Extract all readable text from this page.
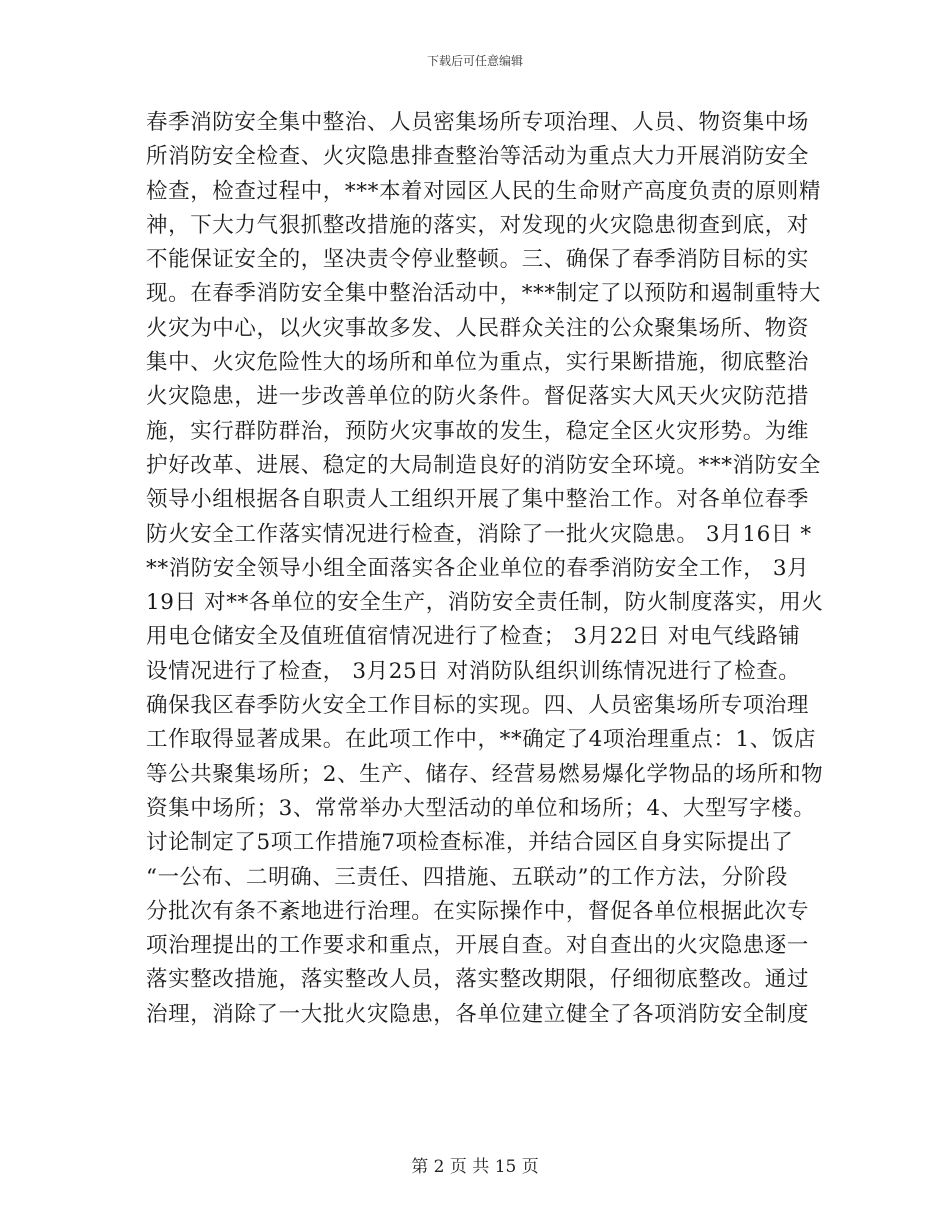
下载后可任意编辑
春季消防安全集中整治、人员密集场所专项治理、人员、物资集中场
所消防安全检查、火灾隐患排查整治等活动为重点大力开展消防安全
检查，检查过程中，***本着对园区人民的生命财产高度负责的原则精
神，下大力气狠抓整改措施的落实，对发现的火灾隐患彻查到底，对
不能保证安全的，坚决责令停业整顿。三、确保了春季消防目标的实
现。在春季消防安全集中整治活动中，***制定了以预防和遏制重特大
火灾为中心，以火灾事故多发、人民群众关注的公众聚集场所、物资
集中、火灾危险性大的场所和单位为重点，实行果断措施，彻底整治
火灾隐患，进一步改善单位的防火条件。督促落实大风天火灾防范措
施，实行群防群治，预防火灾事故的发生，稳定全区火灾形势。为维
护好改革、进展、稳定的大局制造良好的消防安全环境。***消防安全
领导小组根据各自职责人工组织开展了集中整治工作。对各单位春季
防火安全工作落实情况进行检查，消除了一批火灾隐患。 3月16日 *
**消防安全领导小组全面落实各企业单位的春季消防安全工作， 3月
19日 对**各单位的安全生产，消防安全责任制，防火制度落实，用火
用电仓储安全及值班值宿情况进行了检查； 3月22日 对电气线路铺
设情况进行了检查， 3月25日 对消防队组织训练情况进行了检查。
确保我区春季防火安全工作目标的实现。四、人员密集场所专项治理
工作取得显著成果。在此项工作中，**确定了4项治理重点：1、饭店
等公共聚集场所；2、生产、储存、经营易燃易爆化学物品的场所和物
资集中场所；3、常常举办大型活动的单位和场所；4、大型写字楼。
讨论制定了5项工作措施7项检查标准，并结合园区自身实际提出了
“一公布、二明确、三责任、四措施、五联动”的工作方法，分阶段
分批次有条不紊地进行治理。在实际操作中，督促各单位根据此次专
项治理提出的工作要求和重点，开展自查。对自查出的火灾隐患逐一
落实整改措施，落实整改人员，落实整改期限，仔细彻底整改。通过
治理，消除了一大批火灾隐患，各单位建立健全了各项消防安全制度
第 2 页 共 15 页
